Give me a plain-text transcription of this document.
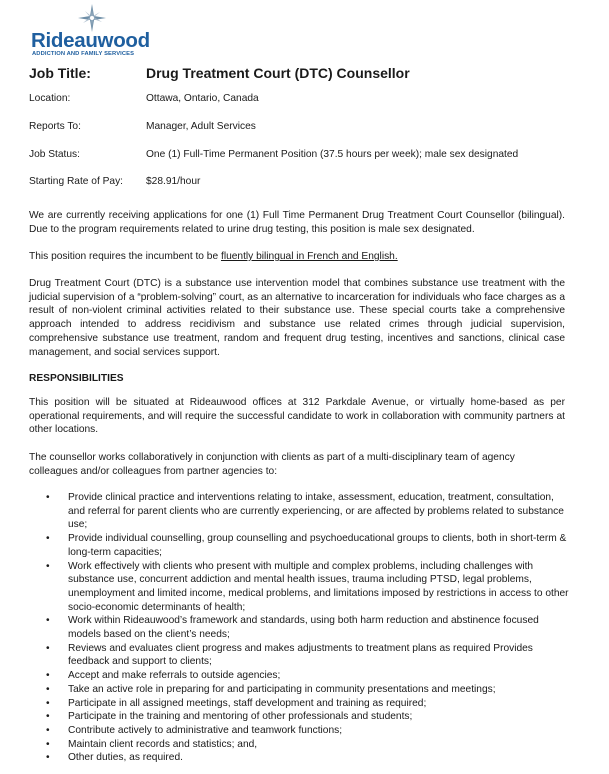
Rideauwood
ADDICTION AND FAMILY SERVICES
Job Title:	Drug Treatment Court (DTC) Counsellor
Location:	Ottawa, Ontario, Canada
Reports To:	Manager, Adult Services
Job Status:	One (1) Full-Time Permanent Position (37.5 hours per week); male sex designated
Starting Rate of Pay: $28.91/hour

We are currently receiving applications for one (1) Full Time Permanent Drug Treatment Court Counsellor (bilingual). Due to the program requirements related to urine drug testing, this position is male sex designated.

This position requires the incumbent to be fluently bilingual in French and English.

Drug Treatment Court (DTC) is a substance use intervention model that combines substance use treatment with the judicial supervision of a “problem-solving” court, as an alternative to incarceration for individuals who face charges as a result of non-violent criminal activities related to their substance use. These special courts take a comprehensive approach intended to address recidivism and substance use related crimes through judicial supervision, comprehensive substance use treatment, random and frequent drug testing, incentives and sanctions, clinical case management, and social services support.

RESPONSIBILITIES

This position will be situated at Rideauwood offices at 312 Parkdale Avenue, or virtually home-based as per operational requirements, and will require the successful candidate to work in collaboration with community partners at other locations.

The counsellor works collaboratively in conjunction with clients as part of a multi-disciplinary team of agency colleagues and/or colleagues from partner agencies to:

• Provide clinical practice and interventions relating to intake, assessment, education, treatment, consultation, and referral for parent clients who are currently experiencing, or are affected by problems related to substance use;
• Provide individual counselling, group counselling and psychoeducational groups to clients, both in short-term & long-term capacities;
• Work effectively with clients who present with multiple and complex problems, including challenges with substance use, concurrent addiction and mental health issues, trauma including PTSD, legal problems, unemployment and limited income, medical problems, and limitations imposed by restrictions in access to other socio-economic determinants of health;
• Work within Rideauwood’s framework and standards, using both harm reduction and abstinence focused models based on the client’s needs;
• Reviews and evaluates client progress and makes adjustments to treatment plans as required Provides feedback and support to clients;
• Accept and make referrals to outside agencies;
• Take an active role in preparing for and participating in community presentations and meetings;
• Participate in all assigned meetings, staff development and training as required;
• Participate in the training and mentoring of other professionals and students;
• Contribute actively to administrative and teamwork functions;
• Maintain client records and statistics; and,
• Other duties, as required.
